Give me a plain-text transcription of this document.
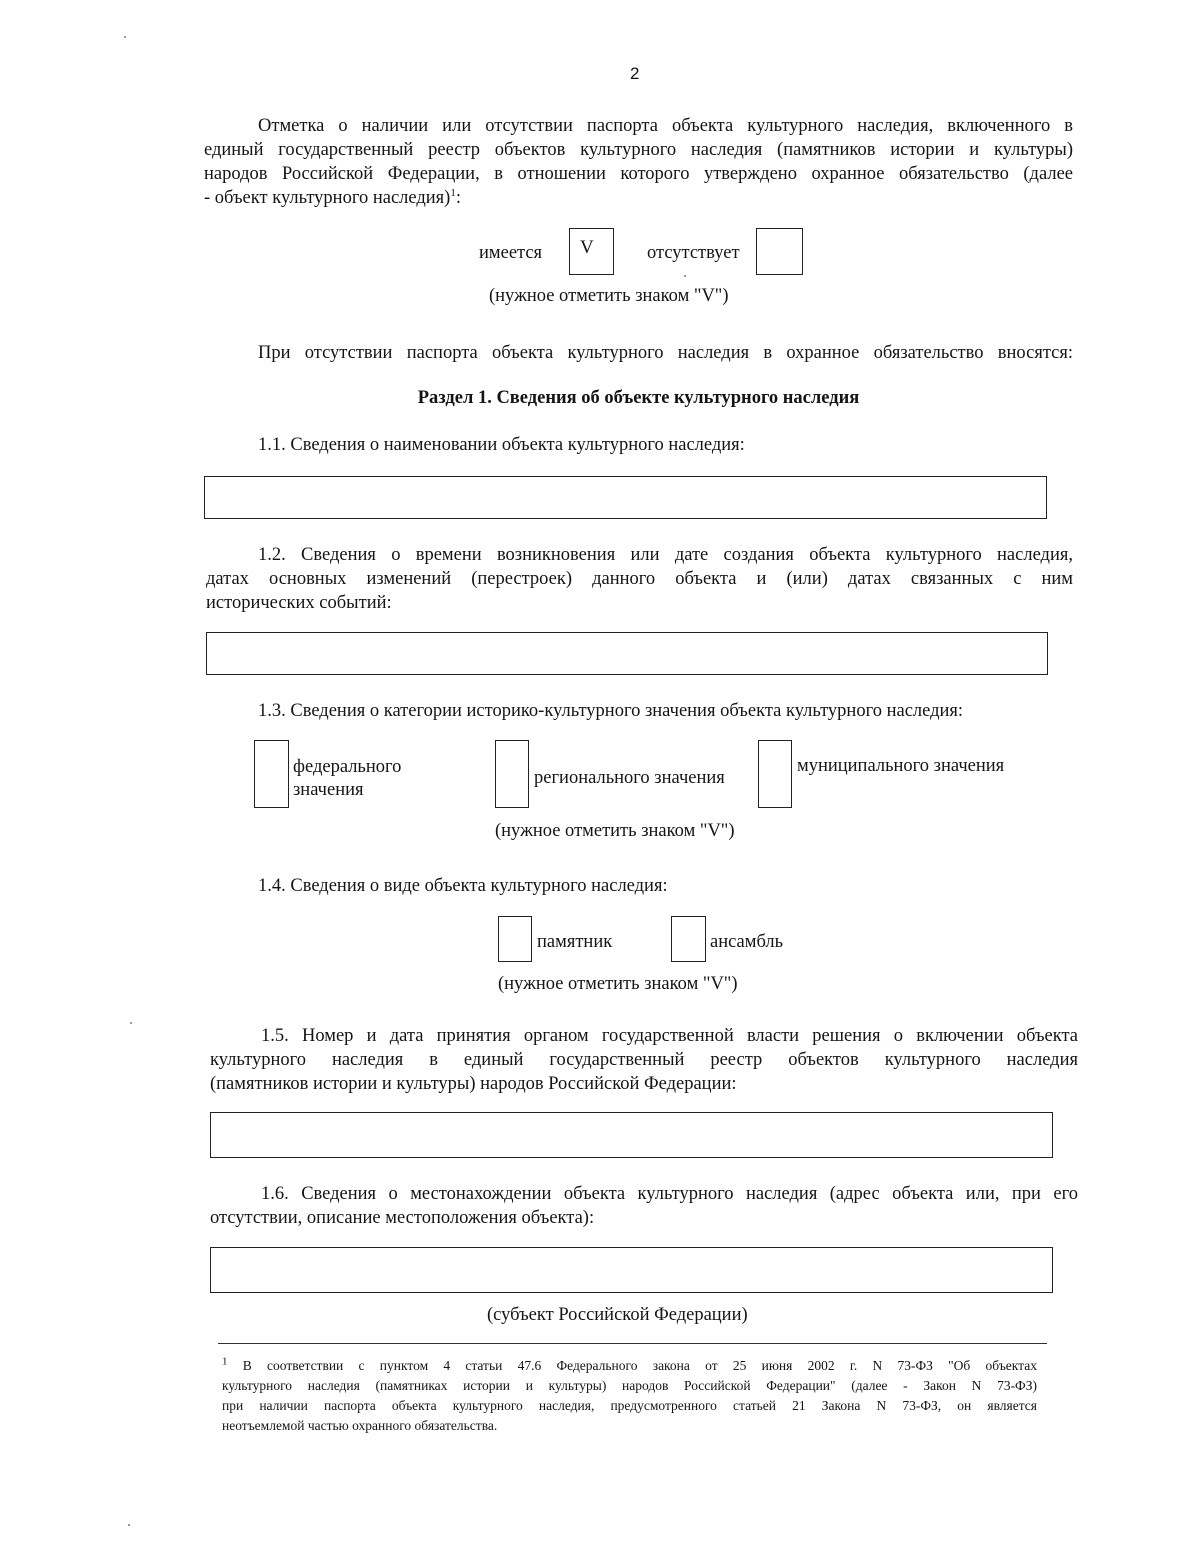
2
Отметка о наличии или отсутствии паспорта объекта культурного наследия, включенного в
единый государственный реестр объектов культурного наследия (памятников истории и культуры)
народов Российской Федерации, в отношении которого утверждено охранное обязательство (далее
- объект культурного наследия)$^1$:
имеется V	отсутствует
(нужное отметить знаком "V")
При отсутствии паспорта объекта культурного наследия в охранное обязательство вносятся:
Раздел 1. Сведения об объекте культурного наследия
1.1. Сведения о наименовании объекта культурного наследия:
1.2. Сведения о времени возникновения или дате создания объекта культурного наследия,
датах основных изменений (перестроек) данного объекта и (или) датах связанных с ним
исторических событий:
1.3. Сведения о категории историко-культурного значения объекта культурного наследия:
федерального
значения
регионального значения
муниципального значения
(нужное отметить знаком "V")
1.4. Сведения о виде объекта культурного наследия:
памятник	ансамбль
(нужное отметить знаком "V")
1.5. Номер и дата принятия органом государственной власти решения о включении объекта
культурного наследия в единый государственный реестр объектов культурного наследия
(памятников истории и культуры) народов Российской Федерации:
1.6. Сведения о местонахождении объекта культурного наследия (адрес объекта или, при его
отсутствии, описание местоположения объекта):
(субъект Российской Федерации)
$^1$ В соответствии с пунктом 4 статьи 47.6 Федерального закона от 25 июня 2002 г. N 73-ФЗ "Об объектах
культурного наследия (памятниках истории и культуры) народов Российской Федерации" (далее - Закон N 73-ФЗ)
при наличии паспорта объекта культурного наследия, предусмотренного статьей 21 Закона N 73-ФЗ, он является
неотъемлемой частью охранного обязательства.
